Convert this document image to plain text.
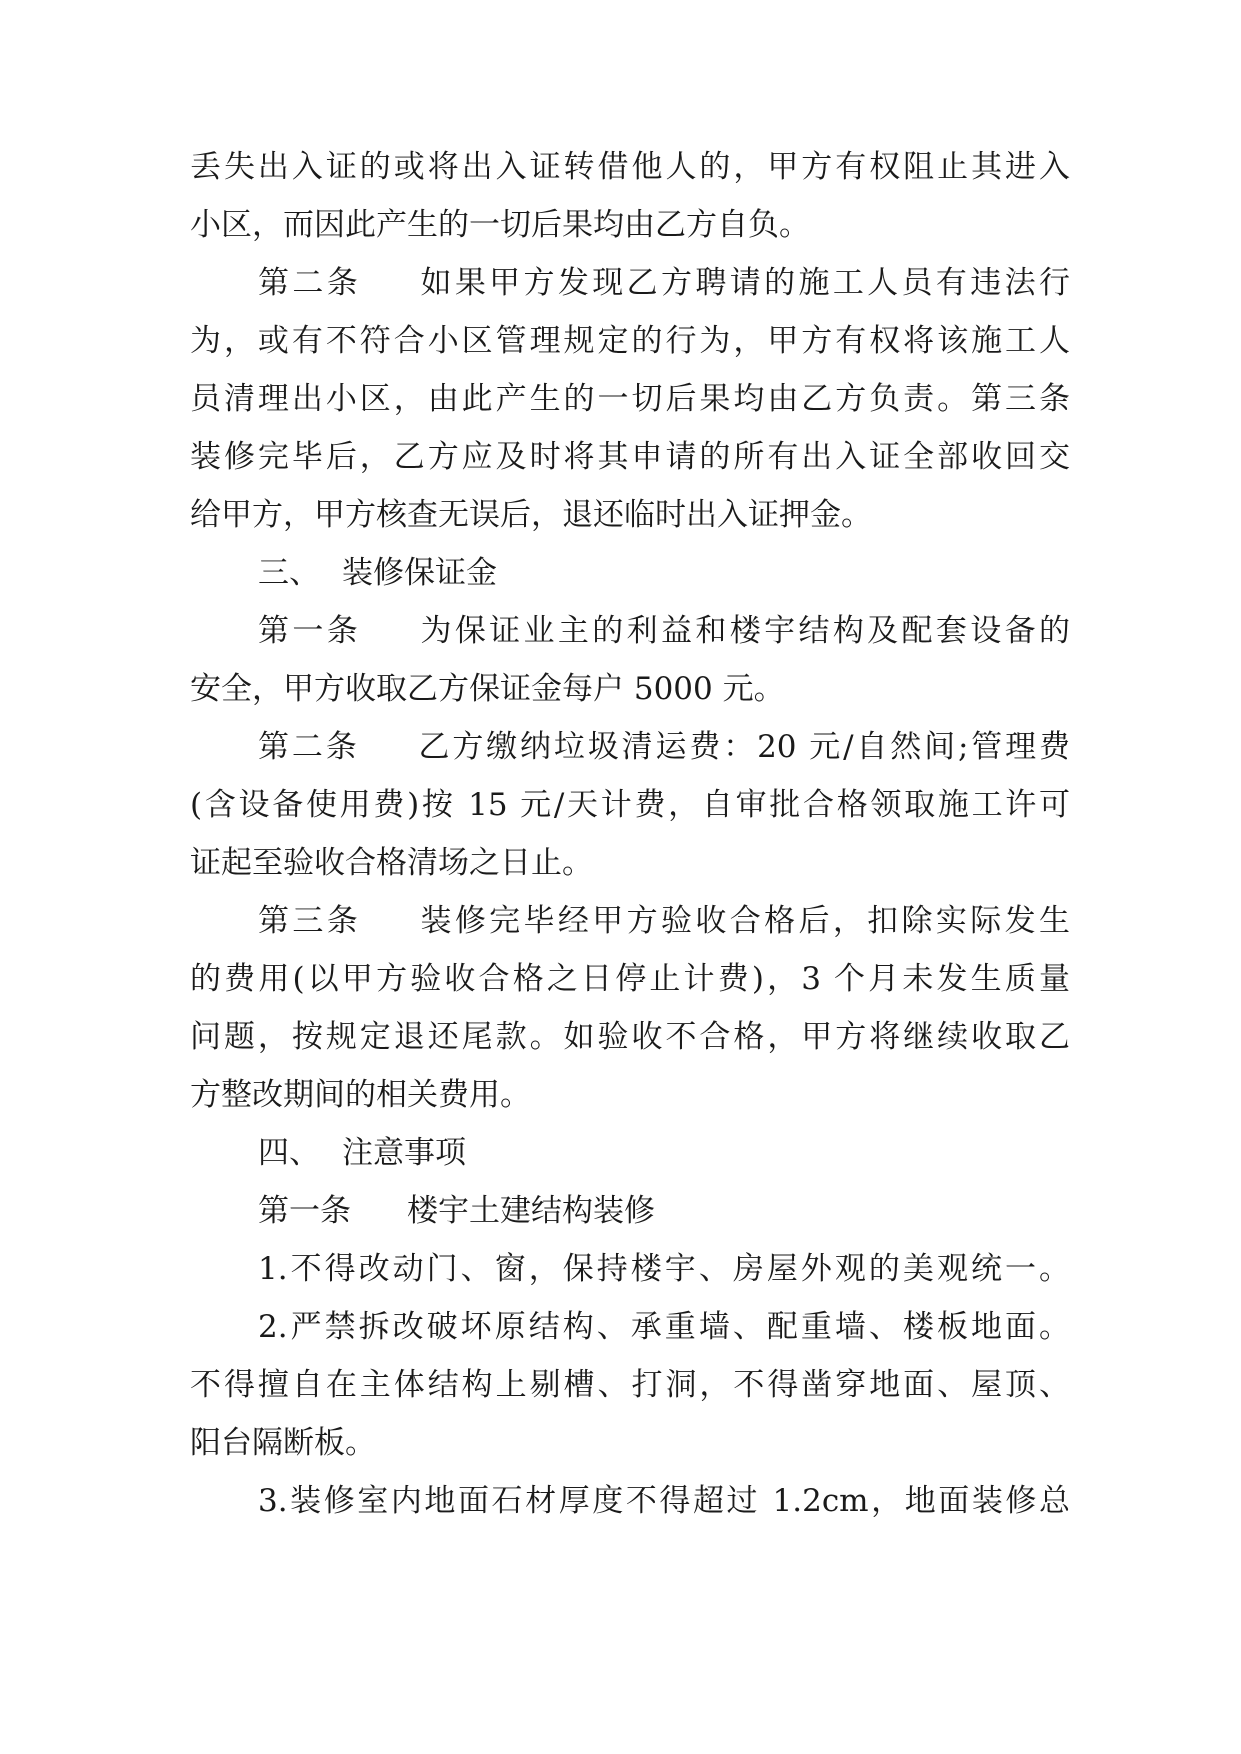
丢失出入证的或将出入证转借他人的，甲方有权阻止其进入
小区，而因此产生的一切后果均由乙方自负。
第二条 如果甲方发现乙方聘请的施工人员有违法行
为，或有不符合小区管理规定的行为，甲方有权将该施工人
员清理出小区，由此产生的一切后果均由乙方负责。第三条
装修完毕后，乙方应及时将其申请的所有出入证全部收回交
给甲方，甲方核查无误后，退还临时出入证押金。
三、 装修保证金
第一条 为保证业主的利益和楼宇结构及配套设备的
安全，甲方收取乙方保证金每户 5000 元。
第二条 乙方缴纳垃圾清运费：20 元/自然间;管理费
(含设备使用费)按 15 元/天计费，自审批合格领取施工许可
证起至验收合格清场之日止。
第三条 装修完毕经甲方验收合格后，扣除实际发生
的费用(以甲方验收合格之日停止计费)，3 个月未发生质量
问题，按规定退还尾款。如验收不合格，甲方将继续收取乙
方整改期间的相关费用。
四、 注意事项
第一条 楼宇土建结构装修
1.不得改动门、窗，保持楼宇、房屋外观的美观统一。
2.严禁拆改破坏原结构、承重墙、配重墙、楼板地面。
不得擅自在主体结构上剔槽、打洞，不得凿穿地面、屋顶、
阳台隔断板。
3.装修室内地面石材厚度不得超过 1.2cm，地面装修总
